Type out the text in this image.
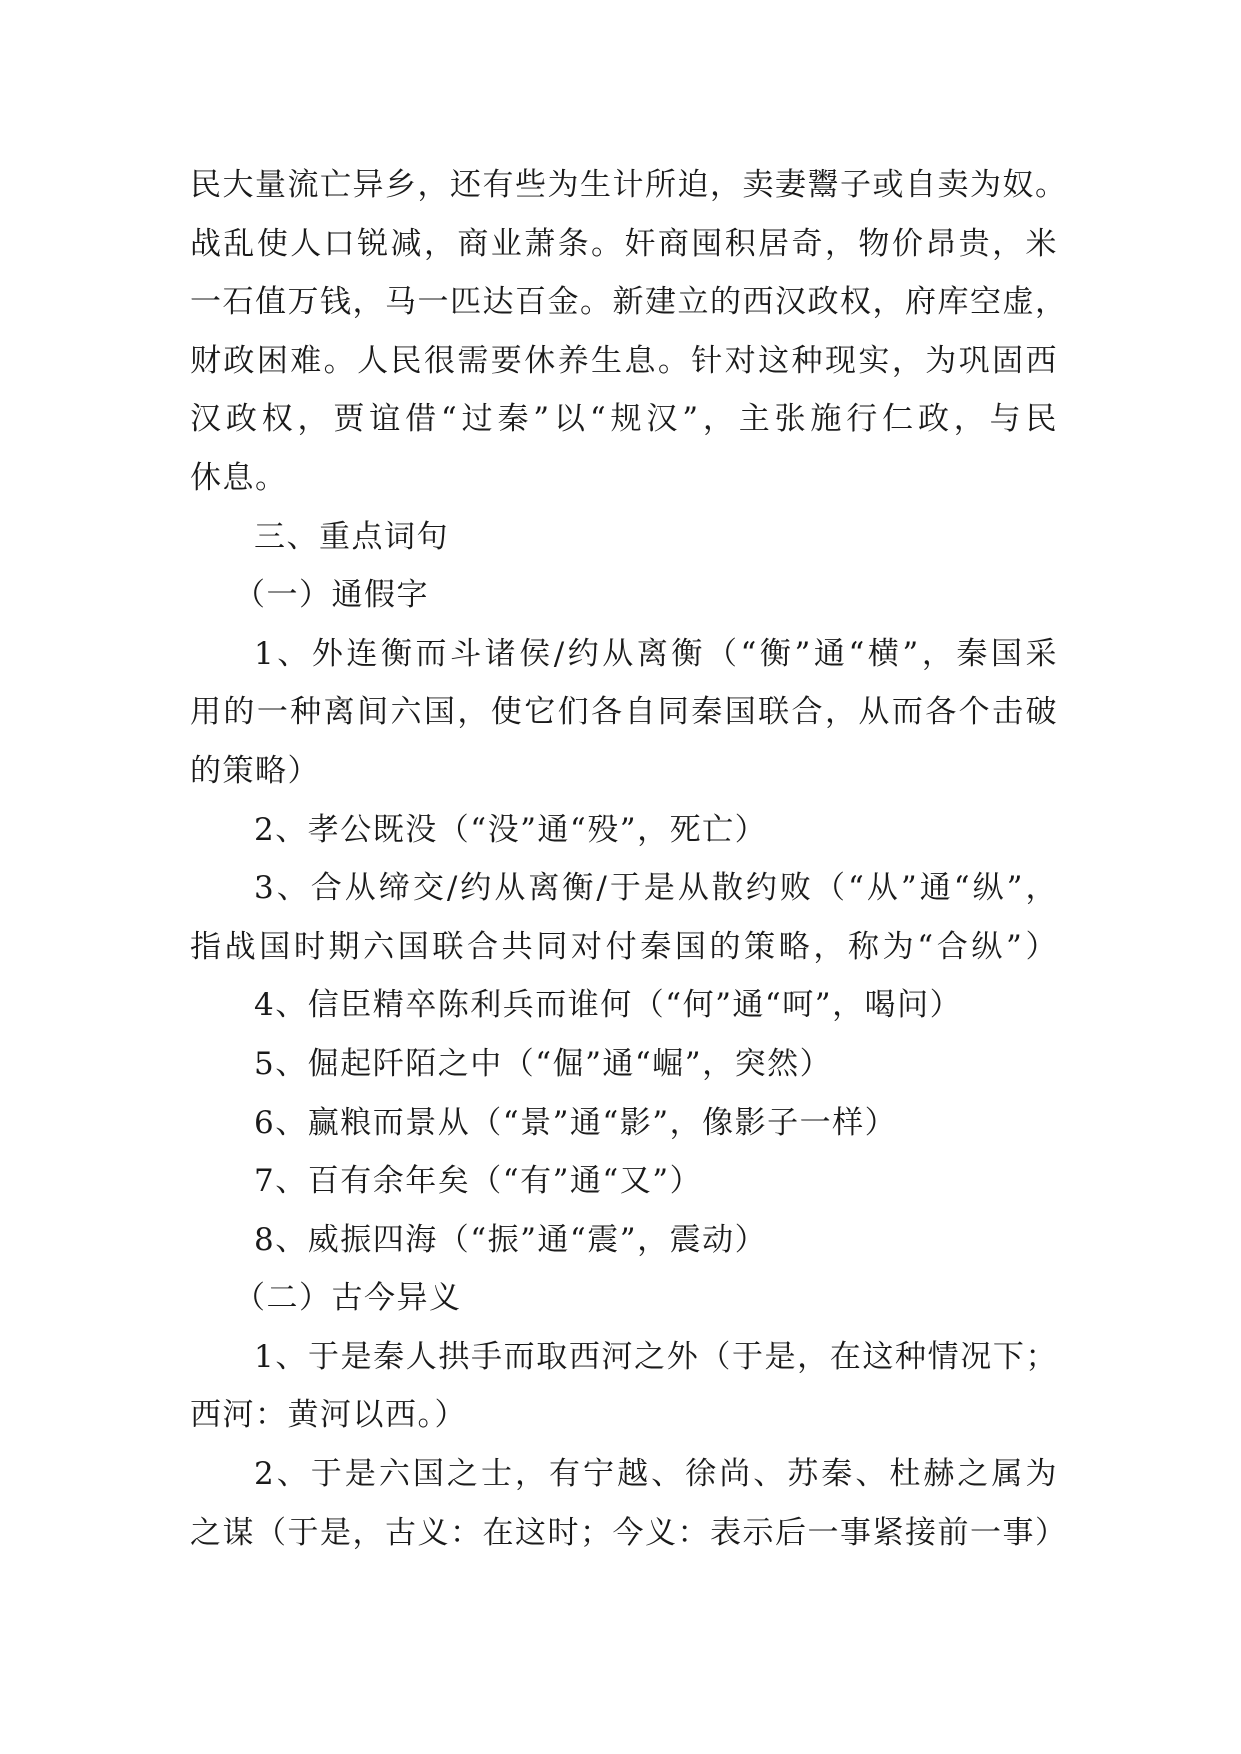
民大量流亡异乡，还有些为生计所迫，卖妻鬻子或自卖为奴。
战乱使人口锐减，商业萧条。奸商囤积居奇，物价昂贵，米
一石值万钱，马一匹达百金。新建立的西汉政权，府库空虚，
财政困难。人民很需要休养生息。针对这种现实，为巩固西
汉政权，贾谊借“过秦”以“规汉”，主张施行仁政，与民
休息。
三、重点词句
（一）通假字
1、外连衡而斗诸侯/约从离衡（“衡”通“横”，秦国采
用的一种离间六国，使它们各自同秦国联合，从而各个击破
的策略）
2、孝公既没（“没”通“殁”，死亡）
3、合从缔交/约从离衡/于是从散约败（“从”通“纵”，
指战国时期六国联合共同对付秦国的策略，称为“合纵”）
4、信臣精卒陈利兵而谁何（“何”通“呵”，喝问）
5、倔起阡陌之中（“倔”通“崛”，突然）
6、赢粮而景从（“景”通“影”，像影子一样）
7、百有余年矣（“有”通“又”）
8、威振四海（“振”通“震”，震动）
（二）古今异义
1、于是秦人拱手而取西河之外（于是，在这种情况下；
西河：黄河以西。）
2、于是六国之士，有宁越、徐尚、苏秦、杜赫之属为
之谋（于是，古义：在这时；今义：表示后一事紧接前一事）
